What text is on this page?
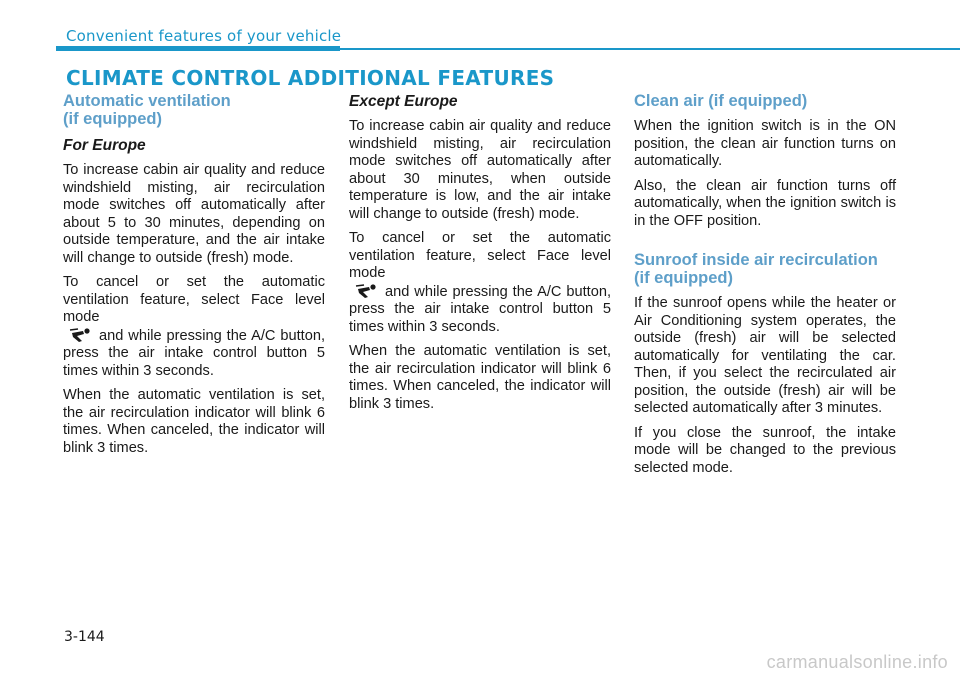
Convenient features of your vehicle
CLIMATE CONTROL ADDITIONAL FEATURES
Automatic ventilation
(if equipped)
For Europe

To increase cabin air quality and reduce windshield misting, air recirculation mode switches off automatically after about 5 to 30 minutes, depending on outside temperature, and the air intake will change to outside (fresh) mode.

To cancel or set the automatic ventilation feature, select Face level mode
and while pressing the A/C button, press the air intake control button 5 times within 3 seconds.

When the automatic ventilation is set, the air recirculation indicator will blink 6 times. When canceled, the indicator will blink 3 times.

Except Europe

To increase cabin air quality and reduce windshield misting, air recirculation mode switches off automatically after about 30 minutes, when outside temperature is low, and the air intake will change to outside (fresh) mode.

To cancel or set the automatic ventilation feature, select Face level mode
and while pressing the A/C button, press the air intake control button 5 times within 3 seconds.

When the automatic ventilation is set, the air recirculation indicator will blink 6 times. When canceled, the indicator will blink 3 times.

Clean air (if equipped)

When the ignition switch is in the ON position, the clean air function turns on automatically.

Also, the clean air function turns off automatically, when the ignition switch is in the OFF position.

Sunroof inside air recirculation
(if equipped)

If the sunroof opens while the heater or Air Conditioning system operates, the outside (fresh) air will be selected automatically for ventilating the car. Then, if you select the recirculated air position, the outside (fresh) air will be selected automatically after 3 minutes.

If you close the sunroof, the intake mode will be changed to the previous selected mode.

3-144
carmanualsonline.info
